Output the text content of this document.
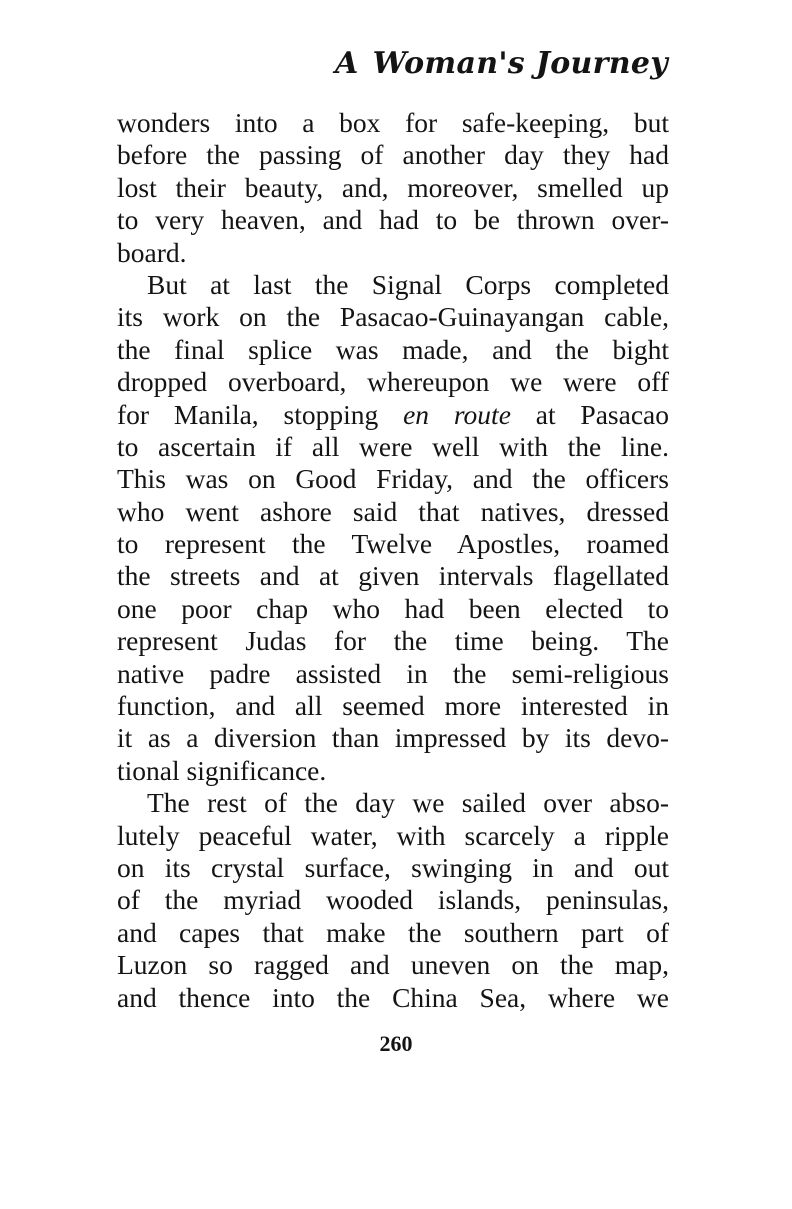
A Woman's Journey
wonders into a box for safe-keeping, but
before the passing of another day they had
lost their beauty, and, moreover, smelled up
to very heaven, and had to be thrown over-
board.
But at last the Signal Corps completed
its work on the Pasacao-Guinayangan cable,
the final splice was made, and the bight
dropped overboard, whereupon we were off
for Manila, stopping en route at Pasacao
to ascertain if all were well with the line.
This was on Good Friday, and the officers
who went ashore said that natives, dressed
to represent the Twelve Apostles, roamed
the streets and at given intervals flagellated
one poor chap who had been elected to
represent Judas for the time being. The
native padre assisted in the semi-religious
function, and all seemed more interested in
it as a diversion than impressed by its devo-
tional significance.
The rest of the day we sailed over abso-
lutely peaceful water, with scarcely a ripple
on its crystal surface, swinging in and out
of the myriad wooded islands, peninsulas,
and capes that make the southern part of
Luzon so ragged and uneven on the map,
and thence into the China Sea, where we
260
